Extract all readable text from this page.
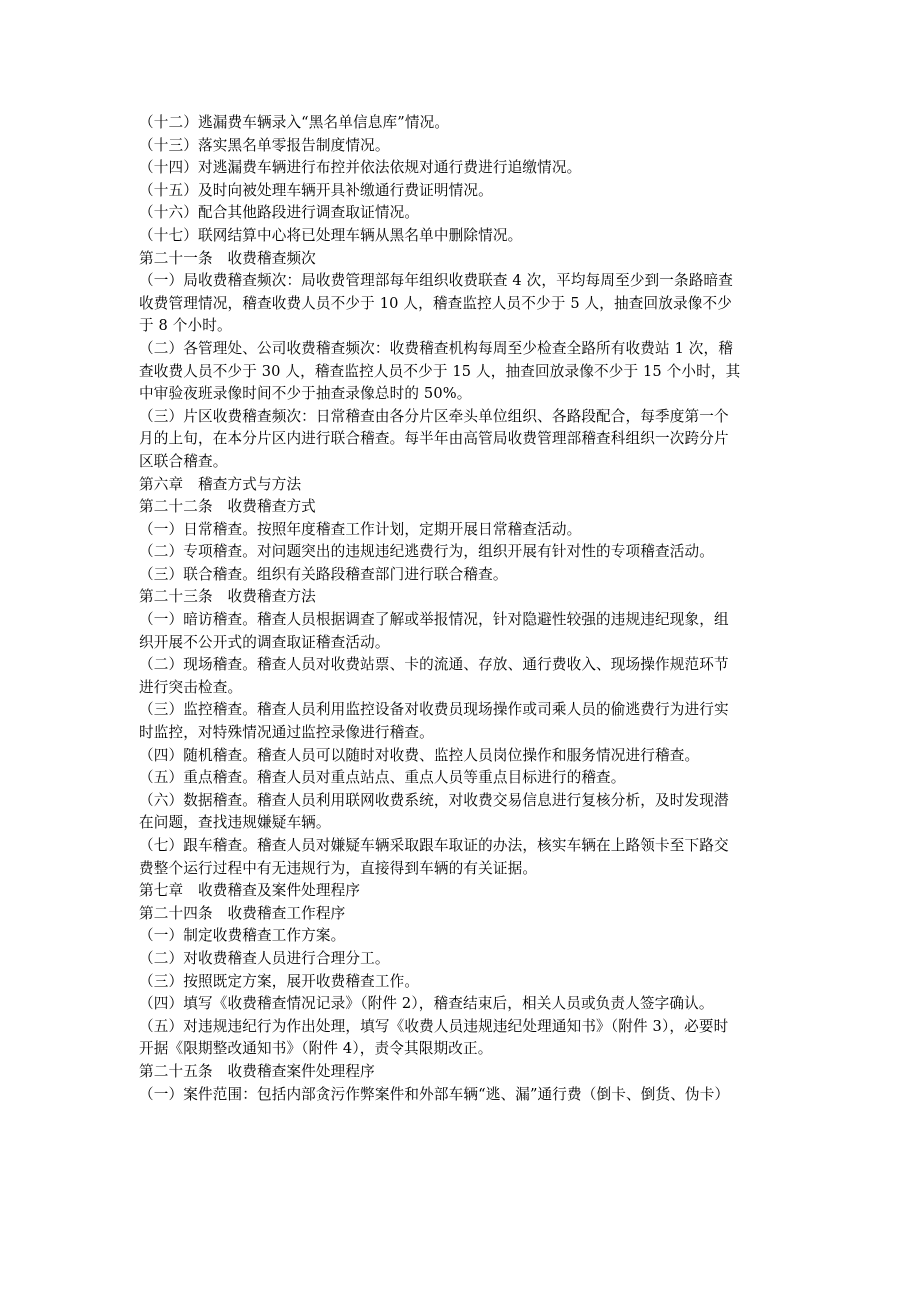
（十二）逃漏费车辆录入“黑名单信息库”情况。
（十三）落实黑名单零报告制度情况。
（十四）对逃漏费车辆进行布控并依法依规对通行费进行追缴情况。
（十五）及时向被处理车辆开具补缴通行费证明情况。
（十六）配合其他路段进行调查取证情况。
（十七）联网结算中心将已处理车辆从黑名单中删除情况。
第二十一条　收费稽查频次
（一）局收费稽查频次：局收费管理部每年组织收费联查 4 次，平均每周至少到一条路暗查
收费管理情况，稽查收费人员不少于 10 人，稽查监控人员不少于 5 人，抽查回放录像不少
于 8 个小时。
（二）各管理处、公司收费稽查频次：收费稽查机构每周至少检查全路所有收费站 1 次，稽
查收费人员不少于 30 人，稽查监控人员不少于 15 人，抽查回放录像不少于 15 个小时，其
中审验夜班录像时间不少于抽查录像总时的 50%。
（三）片区收费稽查频次：日常稽查由各分片区牵头单位组织、各路段配合，每季度第一个
月的上旬，在本分片区内进行联合稽查。每半年由高管局收费管理部稽查科组织一次跨分片
区联合稽查。
第六章　稽查方式与方法
第二十二条　收费稽查方式
（一）日常稽查。按照年度稽查工作计划，定期开展日常稽查活动。
（二）专项稽查。对问题突出的违规违纪逃费行为，组织开展有针对性的专项稽查活动。
（三）联合稽查。组织有关路段稽查部门进行联合稽查。
第二十三条　收费稽查方法
（一）暗访稽查。稽查人员根据调查了解或举报情况，针对隐避性较强的违规违纪现象，组
织开展不公开式的调查取证稽查活动。
（二）现场稽查。稽查人员对收费站票、卡的流通、存放、通行费收入、现场操作规范环节
进行突击检查。
（三）监控稽查。稽查人员利用监控设备对收费员现场操作或司乘人员的偷逃费行为进行实
时监控，对特殊情况通过监控录像进行稽查。
（四）随机稽查。稽查人员可以随时对收费、监控人员岗位操作和服务情况进行稽查。
（五）重点稽查。稽查人员对重点站点、重点人员等重点目标进行的稽查。
（六）数据稽查。稽查人员利用联网收费系统，对收费交易信息进行复核分析，及时发现潜
在问题，查找违规嫌疑车辆。
（七）跟车稽查。稽查人员对嫌疑车辆采取跟车取证的办法，核实车辆在上路领卡至下路交
费整个运行过程中有无违规行为，直接得到车辆的有关证据。
第七章　收费稽查及案件处理程序
第二十四条　收费稽查工作程序
（一）制定收费稽查工作方案。
（二）对收费稽查人员进行合理分工。
（三）按照既定方案，展开收费稽查工作。
（四）填写《收费稽查情况记录》（附件 2），稽查结束后，相关人员或负责人签字确认。
（五）对违规违纪行为作出处理，填写《收费人员违规违纪处理通知书》（附件 3），必要时
开据《限期整改通知书》（附件 4），责令其限期改正。
第二十五条　收费稽查案件处理程序
（一）案件范围：包括内部贪污作弊案件和外部车辆“逃、漏”通行费（倒卡、倒货、伪卡）
